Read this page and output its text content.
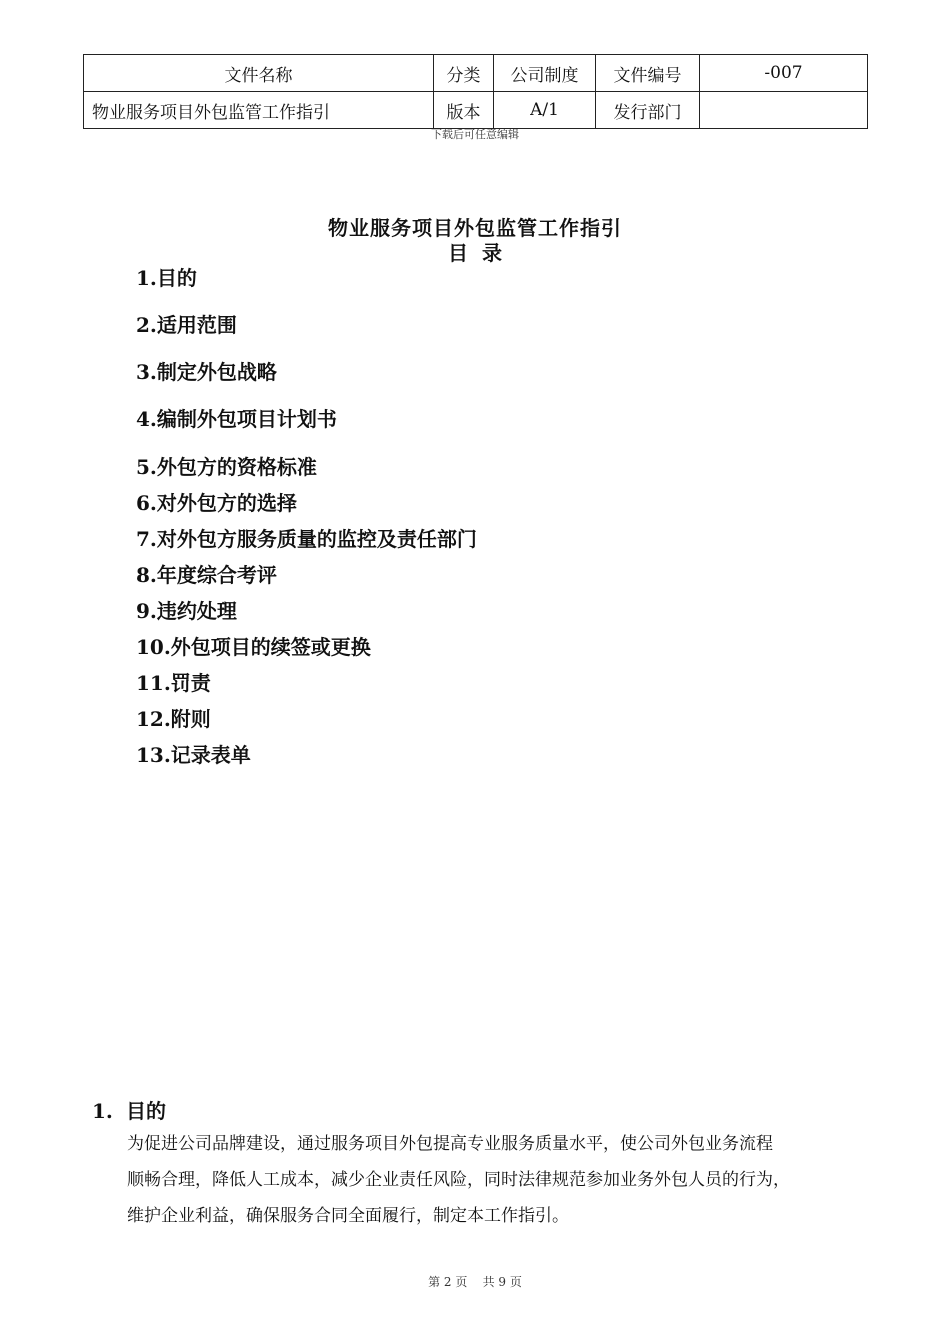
文件名称	分类	公司制度	文件编号	-007
物业服务项目外包监管工作指引	版本	A/1	发行部门	
下载后可任意编辑
物业服务项目外包监管工作指引
目  录
1.目的
2.适用范围
3.制定外包战略
4.编制外包项目计划书
5.外包方的资格标准
6.对外包方的选择
7.对外包方服务质量的监控及责任部门
8.年度综合考评
9.违约处理
10.外包项目的续签或更换
11.罚责
12.附则
13.记录表单
1. 目的

为促进公司品牌建设，通过服务项目外包提高专业服务质量水平，使公司外包业务流程

顺畅合理，降低人工成本，减少企业责任风险，同时法律规范参加业务外包人员的行为，

维护企业利益，确保服务合同全面履行，制定本工作指引。

第 2 页    共 9 页
